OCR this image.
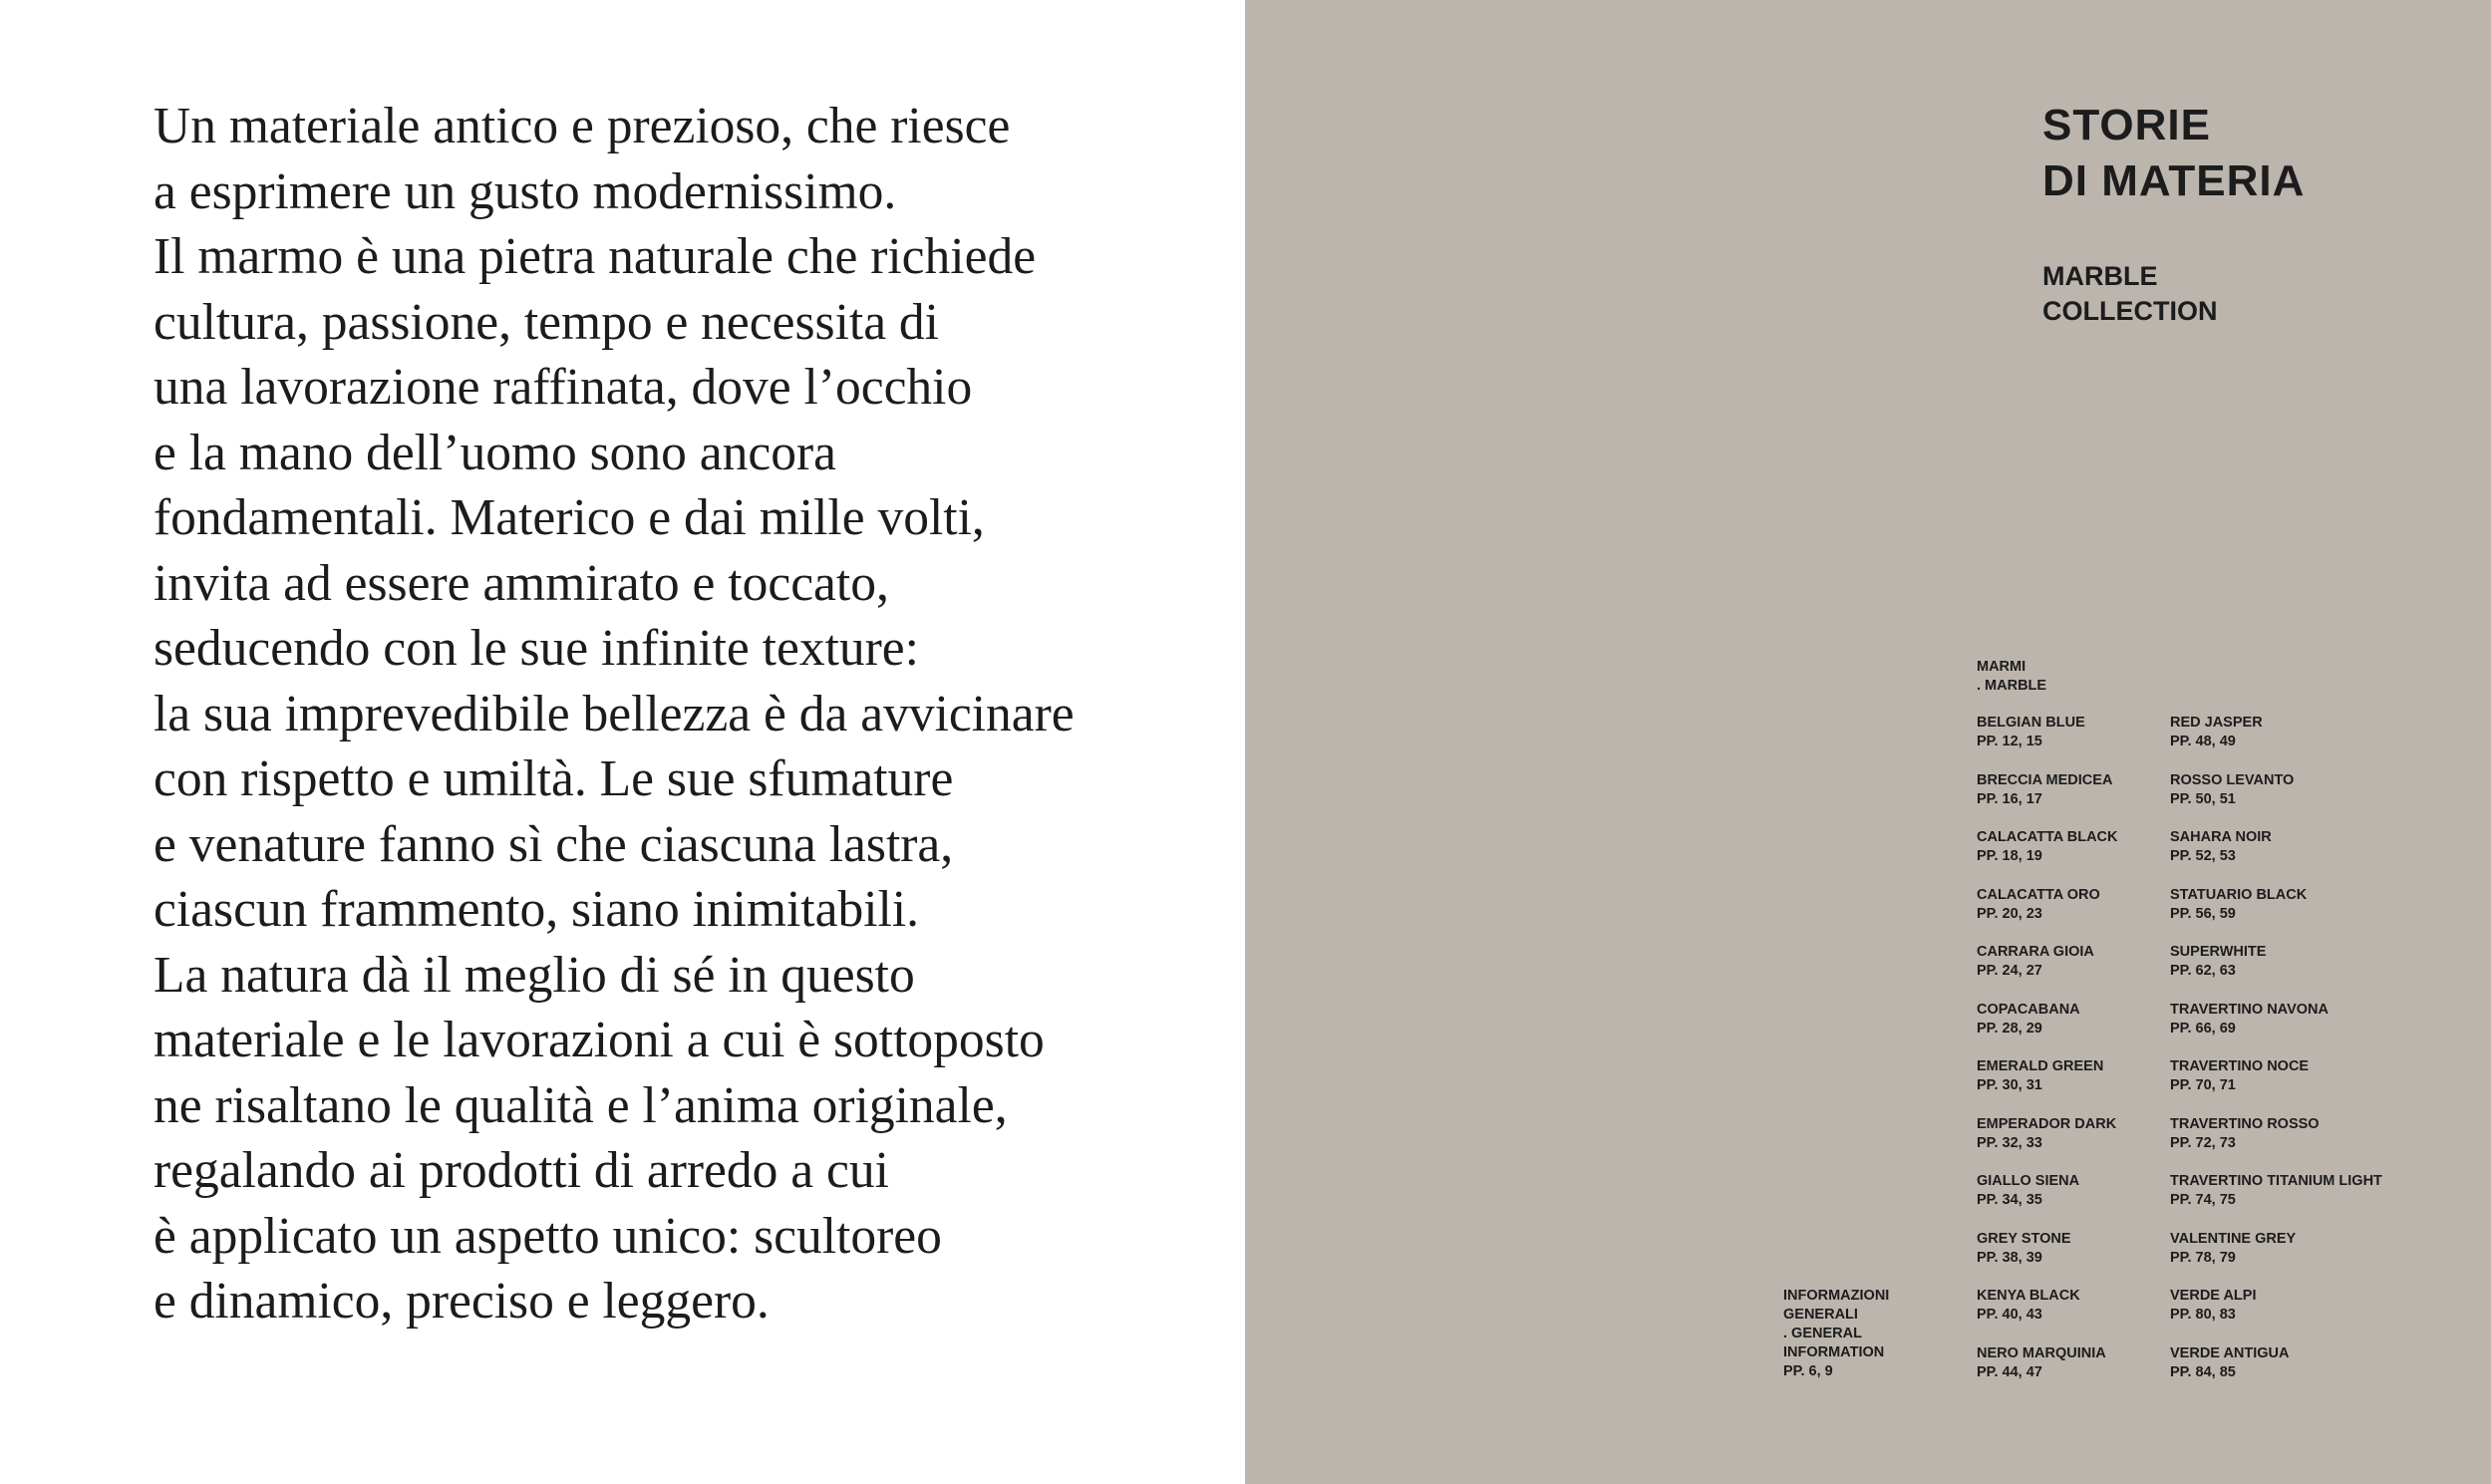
Un materiale antico e prezioso, che riesce
a esprimere un gusto modernissimo.
Il marmo è una pietra naturale che richiede
cultura, passione, tempo e necessita di
una lavorazione raffinata, dove l’occhio
e la mano dell’uomo sono ancora
fondamentali. Materico e dai mille volti,
invita ad essere ammirato e toccato,
seducendo con le sue infinite texture:
la sua imprevedibile bellezza è da avvicinare
con rispetto e umiltà. Le sue sfumature
e venature fanno sì che ciascuna lastra,
ciascun frammento, siano inimitabili.
La natura dà il meglio di sé in questo
materiale e le lavorazioni a cui è sottoposto
ne risaltano le qualità e l’anima originale,
regalando ai prodotti di arredo a cui
è applicato un aspetto unico: scultoreo
e dinamico, preciso e leggero.

STORIE
DI MATERIA
MARBLE
COLLECTION
MARMI
. MARBLE
BELGIAN BLUE
PP. 12, 15
BRECCIA MEDICEA
PP. 16, 17
CALACATTA BLACK
PP. 18, 19
CALACATTA ORO
PP. 20, 23
CARRARA GIOIA
PP. 24, 27
COPACABANA
PP. 28, 29
EMERALD GREEN
PP. 30, 31
EMPERADOR DARK
PP. 32, 33
GIALLO SIENA
PP. 34, 35
GREY STONE
PP. 38, 39
KENYA BLACK
PP. 40, 43
NERO MARQUINIA
PP. 44, 47
RED JASPER
PP. 48, 49
ROSSO LEVANTO
PP. 50, 51
SAHARA NOIR
PP. 52, 53
STATUARIO BLACK
PP. 56, 59
SUPERWHITE
PP. 62, 63
TRAVERTINO NAVONA
PP. 66, 69
TRAVERTINO NOCE
PP. 70, 71
TRAVERTINO ROSSO
PP. 72, 73
TRAVERTINO TITANIUM LIGHT
PP. 74, 75
VALENTINE GREY
PP. 78, 79
VERDE ALPI
PP. 80, 83
VERDE ANTIGUA
PP. 84, 85
INFORMAZIONI
GENERALI
. GENERAL
INFORMATION
PP. 6, 9
